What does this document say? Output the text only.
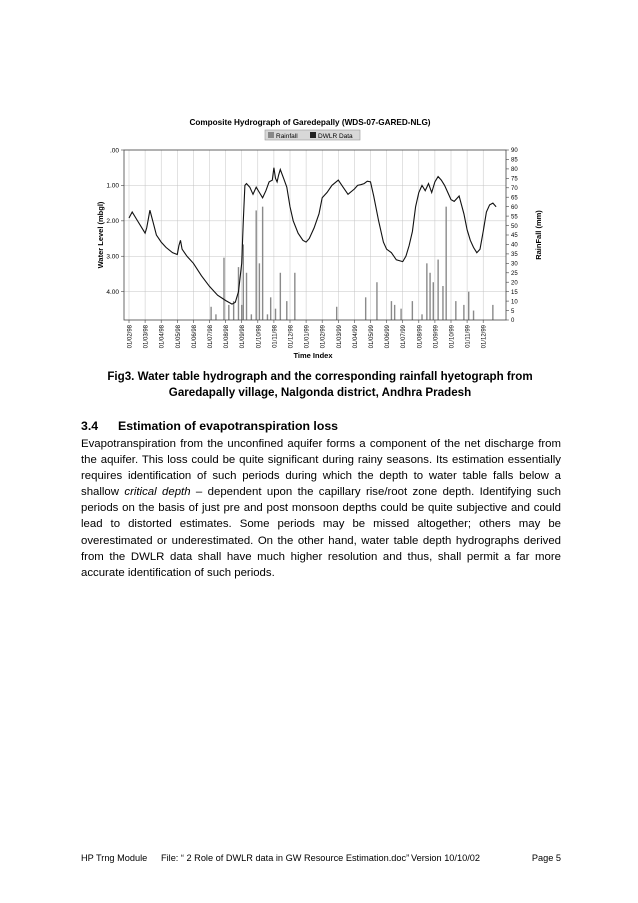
Composite Hydrograph of Garedepally (WDS-07-GARED-NLG)
Rainfall	DWLR Data
.00
1.00
2.00
3.00
4.00
0
5
10
15
20
25
30
35
40
45
50
55
60
65
70
75
80
85
90
01/02/98 01/03/98 01/04/98 01/05/98 01/06/98 01/07/98 01/08/98 01/09/98 01/10/98 01/11/98 01/12/98 01/01/99 01/02/99 01/03/99 01/04/99 01/05/99 01/06/99 01/07/99 01/08/99 01/09/99 01/10/99 01/11/99 01/12/99
Water Level (mbgl)	RainFall (mm)
Time Index
Fig3. Water table hydrograph and the corresponding rainfall hyetograph from
Garedapally village, Nalgonda district, Andhra Pradesh
3.4 Estimation of evapotranspiration loss
Evapotranspiration from the unconfined aquifer forms a component of the net discharge from the aquifer. This loss could be quite significant during rainy seasons. Its estimation essentially requires identification of such periods during which the depth to water table falls below a shallow critical depth – dependent upon the capillary rise/root zone depth. Identifying such periods on the basis of just pre and post monsoon depths could be quite subjective and could lead to distorted estimates. Some periods may be missed altogether; others may be overestimated or underestimated. On the other hand, water table depth hydrographs derived from the DWLR data shall have much higher resolution and thus, shall permit a far more accurate identification of such periods.
HP Trng Module File: “ 2 Role of DWLR data in GW Resource Estimation.doc” Version 10/10/02	Page 5
